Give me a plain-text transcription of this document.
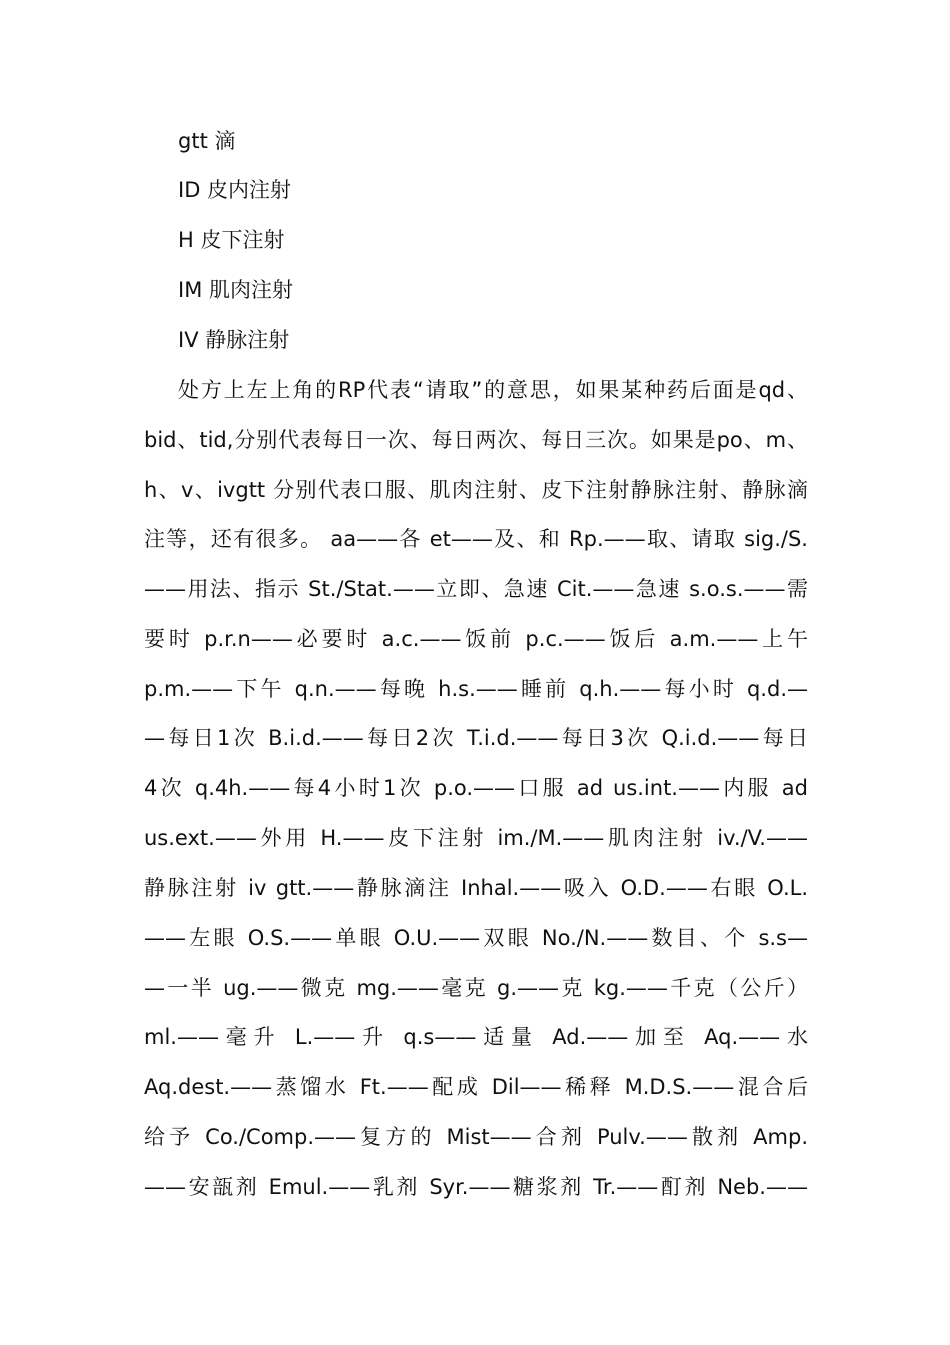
gtt 滴
ID 皮内注射
H 皮下注射
IM 肌肉注射
IV 静脉注射
处方上左上角的RP代表“请取”的意思，如果某种药后面是qd、
bid、tid,分别代表每日一次、每日两次、每日三次。如果是po、m、
h、v、ivgtt 分别代表口服、肌肉注射、皮下注射静脉注射、静脉滴
注等，还有很多。 aa——各 et——及、和 Rp.——取、请取 sig./S.
——用法、指示 St./Stat.——立即、急速 Cit.——急速 s.o.s.——需
要时 p.r.n——必要时 a.c.——饭前 p.c.——饭后 a.m.——上午
p.m.——下午 q.n.——每晚 h.s.——睡前 q.h.——每小时 q.d.—
—每日1次 B.i.d.——每日2次 T.i.d.——每日3次 Q.i.d.——每日
4次 q.4h.——每4小时1次 p.o.——口服 ad us.int.——内服 ad
us.ext.——外用 H.——皮下注射 im./M.——肌肉注射 iv./V.——
静脉注射 iv gtt.——静脉滴注 Inhal.——吸入 O.D.——右眼 O.L.
——左眼 O.S.——单眼 O.U.——双眼 No./N.——数目、个 s.s—
—一半 ug.——微克 mg.——毫克 g.——克 kg.——千克（公斤）
ml.——毫升 L.——升 q.s——适量 Ad.——加至 Aq.——水
Aq.dest.——蒸馏水 Ft.——配成 Dil——稀释 M.D.S.——混合后
给予 Co./Comp.——复方的 Mist——合剂 Pulv.——散剂 Amp.
——安瓿剂 Emul.——乳剂 Syr.——糖浆剂 Tr.——酊剂 Neb.——
